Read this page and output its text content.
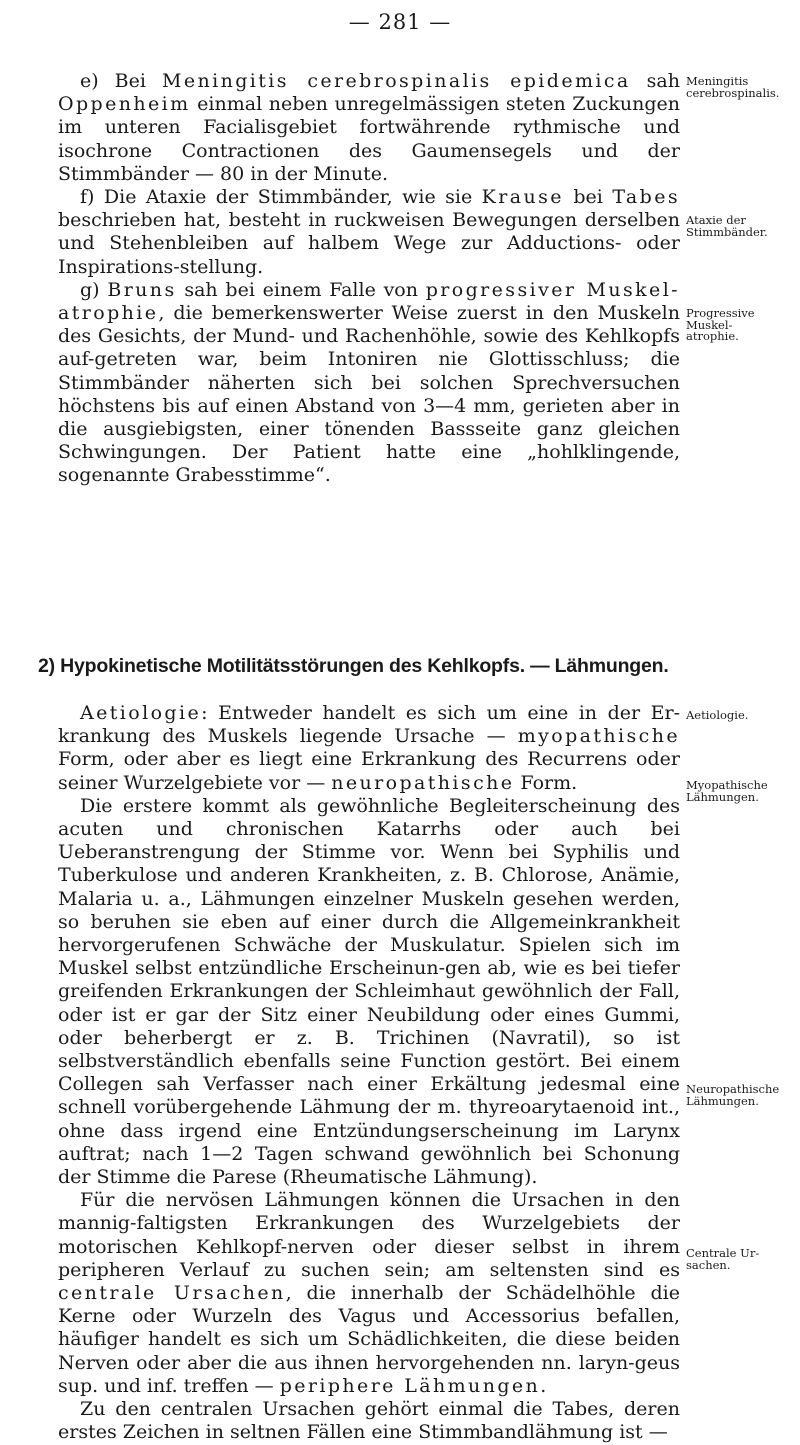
— 281 —

e) Bei Meningitis cerebrospinalis epidemica sah Oppenheim einmal neben unregelmässigen steten Zuckungen im unteren Facialisgebiet fortwährende rythmische und isochrone Contractionen des Gaumensegels und der Stimmbänder — 80 in der Minute.

f) Die Ataxie der Stimmbänder, wie sie Krause bei Tabes beschrieben hat, besteht in ruckweisen Bewegungen derselben und Stehenbleiben auf halbem Wege zur Adductions- oder Inspirations-stellung.

g) Bruns sah bei einem Falle von progressiver Muskel-atrophie, die bemerkenswerter Weise zuerst in den Muskeln des Gesichts, der Mund- und Rachenhöhle, sowie des Kehlkopfs auf-getreten war, beim Intoniren nie Glottisschluss; die Stimmbänder näherten sich bei solchen Sprechversuchen höchstens bis auf einen Abstand von 3—4 mm, gerieten aber in die ausgiebigsten, einer tönenden Bassseite ganz gleichen Schwingungen. Der Patient hatte eine „hohlklingende, sogenannte Grabesstimme“.

2) Hypokinetische Motilitätsstörungen des Kehlkopfs. — Lähmungen.

Aetiologie: Entweder handelt es sich um eine in der Er-krankung des Muskels liegende Ursache — myopathische Form, oder aber es liegt eine Erkrankung des Recurrens oder seiner Wurzelgebiete vor — neuropathische Form.

Die erstere kommt als gewöhnliche Begleiterscheinung des acuten und chronischen Katarrhs oder auch bei Ueberanstrengung der Stimme vor. Wenn bei Syphilis und Tuberkulose und anderen Krankheiten, z. B. Chlorose, Anämie, Malaria u. a., Lähmungen einzelner Muskeln gesehen werden, so beruhen sie eben auf einer durch die Allgemeinkrankheit hervorgerufenen Schwäche der Muskulatur. Spielen sich im Muskel selbst entzündliche Erscheinun-gen ab, wie es bei tiefer greifenden Erkrankungen der Schleimhaut gewöhnlich der Fall, oder ist er gar der Sitz einer Neubildung oder eines Gummi, oder beherbergt er z. B. Trichinen (Navratil), so ist selbstverständlich ebenfalls seine Function gestört. Bei einem Collegen sah Verfasser nach einer Erkältung jedesmal eine schnell vorübergehende Lähmung der m. thyreoarytaenoid int., ohne dass irgend eine Entzündungserscheinung im Larynx auftrat; nach 1—2 Tagen schwand gewöhnlich bei Schonung der Stimme die Parese (Rheumatische Lähmung).

Für die nervösen Lähmungen können die Ursachen in den mannig-faltigsten Erkrankungen des Wurzelgebiets der motorischen Kehlkopf-nerven oder dieser selbst in ihrem peripheren Verlauf zu suchen sein; am seltensten sind es centrale Ursachen, die innerhalb der Schädelhöhle die Kerne oder Wurzeln des Vagus und Accessorius befallen, häufiger handelt es sich um Schädlichkeiten, die diese beiden Nerven oder aber die aus ihnen hervorgehenden nn. laryn-geus sup. und inf. treffen — periphere Lähmungen.

Zu den centralen Ursachen gehört einmal die Tabes, deren erstes Zeichen in seltnen Fällen eine Stimmbandlähmung ist —

Meningitis
cerebrospinalis.
Ataxie der
Stimmbänder.
Progressive
Muskel-
atrophie.
Aetiologie.
Myopathische
Lähmungen.
Neuropathische
Lähmungen.
Centrale Ur-
sachen.
